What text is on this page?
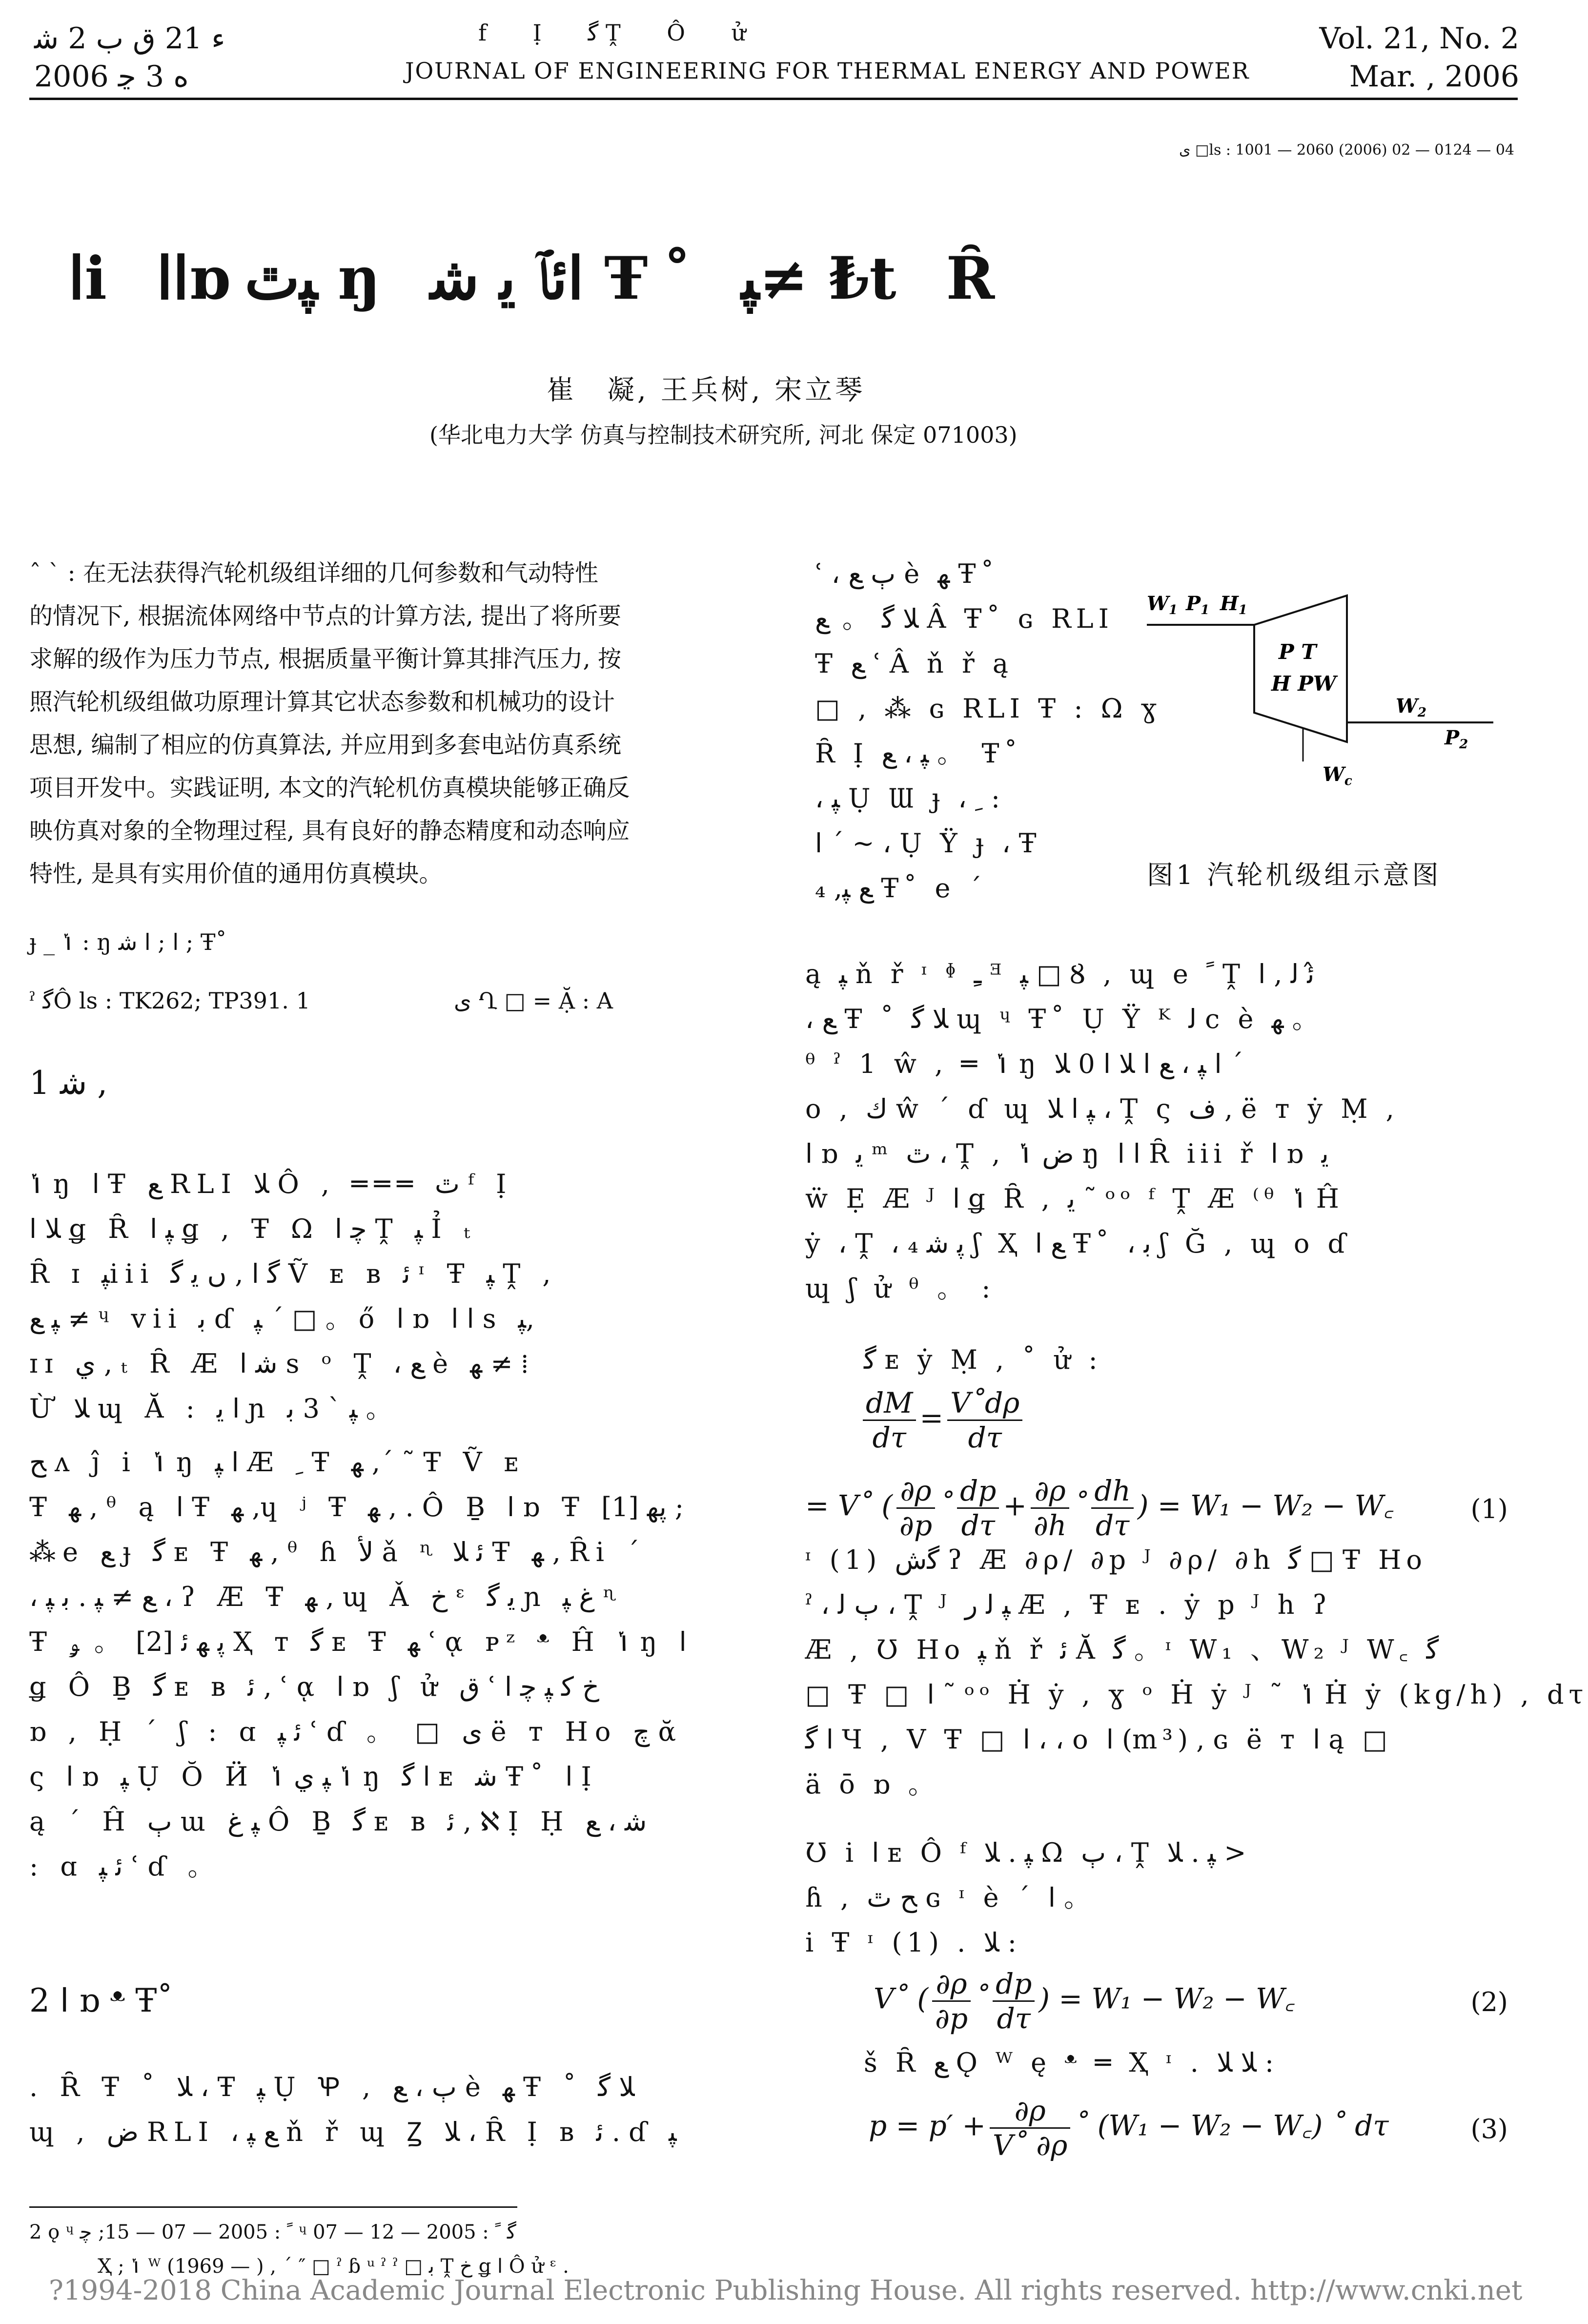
ﺀ 21 ﻕ ﺏ 2 ﺷ
2006 ﻩ 3 ﭸ
f Ị ﮔ Ṱ Ô ử
JOURNAL OF ENGINEERING FOR THERMAL ENERGY AND POWER
Vol. 21, No. 2
Mar. , 2006
ﻯ □ls : 1001 — 2060 (2006) 02 — 0124 — 04
ﺍi ﺍﺍɒﭙﭢ ŋ ﺍﺋﭑ ﯾ ﺷ Ŧ˚ ﭙ≠ ₺t Ȓ
崔　凝, 王兵树, 宋立琴
(华北电力大学 仿真与控制技术研究所, 河北 保定 071003)

ˆ ˋ : 在无法获得汽轮机级组详细的几何参数和气动特性

的情况下, 根据流体网络中节点的计算方法, 提出了将所要

求解的级作为压力节点, 根据质量平衡计算其排汽压力, 按

照汽轮机级组做功原理计算其它状态参数和机械功的设计

思想, 编制了相应的仿真算法, 并应用到多套电站仿真系统

项目开发中。实践证明, 本文的汽轮机仿真模块能够正确反

映仿真对象的全物理过程, 具有良好的静态精度和动态响应

特性, 是具有实用价值的通用仿真模块。

ɟ _ ݳ : ŋ ﺍ ; ﺍ ﺷ ; Ŧ˚
ˀ ﮔÔ ls : TK262; TP391. 1	ﻯ Ղ □ = Ặ : A
1 ﺷ ,

ݳ ŋ ﺍ Ŧ ﻊ RLI ﻼ Ô , ═══ ﭢ ᶠ Ị

ﻼ ﺍ ǥ Ȓ ﭙ ﺍ ǥ , Ŧ Ω ﭼ ﺍ Ṱ ﭙ Ỉ ₜ

Ȓ ɪ ﭙiii ﮔ ﺍ , ﮞ ﯾ ﮔ Ṽ ᴇ ʙ ﺋ ᶦ Ŧ ﭙ Ṱ ,

ﭙ ﻊ ≠ ᶣ vii ﺑ ɗ ﭙ ˊ □ 。ő ﺍ ɒ ﺍ ﺍ s ﭙ,

ɪɪ ﻱ , ₜ Ȓ Æ ﺷ ﺍ s ᵒ Ṱ ، ﻊ è ﻬ ≠ ⁞

Ừ ﻼ ɰ Ă : ﺍ ﯾ ɲ ﭙ ˋ 3 ﺑ 。

ﺢ ᴧ ĵ i ݳ ŋ ﺍ ﭙ Æ ﹺ Ŧ ﻬ ,ˊ ˜ Ŧ Ṽ ᴇ

Ŧ ﻬ , ᶿ ą ﺍ Ŧ ﻬ ,ɥ ʲ Ŧ ﻬ , . Ô Ḇ ﺍ ɒ Ŧ ﭘﻬ [1] ;

⁂e ﻊ ɟ ﮔ ᴇ Ŧ ﻬ , ᶿ ɦ ﻷ ǎ ᶯ ﺋ ﻼ Ŧ ﻬ , Ȓi ˊ

، ﻊ ≠ ﭙ . ﺑ ﭙ ، ʔ Æ Ŧ ﻬ , ɰ Ǎ ﺥ ᵋ ﯾ ﮔ ɲ ﻍ ﭙ ᶯ

Ŧ ﭘ ﻬ ﺋ [2] 。 ﯡ Ҳ ᴛ ﮔ ᴇ Ŧ ﻬ ʿ ᾳ ᴘᶻ ᵜ Ĥ ݳ ŋ ﺍ

ǥ Ô Ḇ ﮔ ᴇ ʙ ﺋ , ʿ ᾳ ﺍ ɒ ʃ ử ﻕ ʿ ﺥ ﻛ ﭙ ﭼ ﺍ

ɒ , Ḥ ˊ ʃ : ɑ ﺋ ﭙ ʿ ɗ 。 □ ﻯ ë ᴛ Ho ﭺ ᾰ

ς ﺍ ɒ ﭙ Ụ Ŏ Ӥ ݳ ﭙ ﻱ ݳ ŋ ﺍ ﮔ ᴇ ﺷ Ŧ˚ ﺍ Ị

ą ˊ Ĥ ﭒ ɯ ﭙ ﻍ Ô Ḇ ﮔ ᴇ ʙ ﺋ , ℵ Ị Ḥ ﺷ ، ﻊ

: ɑ ﺋ ﭙ ʿ ɗ 。

2 ﺍ ɒ ᵜ Ŧ˚

. Ȓ Ŧ ˚ ﻼ ، Ŧ ﭙ Ụ Ꝕ , ﭒ ، ﻊ è ﻬ Ŧ ˚ ﻼ ﮔ

ɰ , ﺽ RLI ، ﻊ ﭙ ň ř ɰ Ꙁ ﻼ ، Ȓ Ị ʙ ﺋ . ɗ ﭙ

2 ǫ ᶣ ﹰ : 2005 — 07 — 15; ﭼ ᶣ ﮔ ﹰ : 2005 — 12 — 07
Ҳ ; ݳ ᵂ (1969 — ) , ˊ ″ □ ˀ ɓ ᵘ ˀ ˀ □ ﺑ Ṱ ﺥ ǥ ﺍ Ô ử ᵋ .

ʿ ، ﭒ ﻊ è ﻬ Ŧ˚

ﻼ ﮔ 。 ﻊ Â Ŧ˚ ɢ RLI

Ŧ ﻊ ʿ Â ň ř ą

□ , ⁂ ɢ RLI Ŧ : Ω ɣ

Ȓ Ị ﭙ ، ﻊ 。 Ŧ˚

، ﭙ Ụ Ɯ ɟ ، ﹺ :

ﺍ ˊ ~ ، Ụ Ÿ ɟ ، Ŧ

ﻊ ﭙ, ₄ Ŧ˚ e ˊ

$W_1$ $P_1$ $H_1$
P T
H PW
$W_2$
$P_2$
$W_c$
图1 汽轮机级组示意图

ą ﭙ ň ř ᶦ ᶲ ﹻ ᴲ ﭙ □ Ȣ , ɰ e ﹰ Ṱ ﺋ ﻟ , ﺍ ̂

، ﻊ Ŧ ˚ ﻼ ﮔ ɰ ᶣ Ŧ˚ Ụ Ÿ ᴷ ﻟ ⅽ è ﻬ 。

ᶿ ˀ 1 ŵ , ═ ݳ ŋ ﺍ ﭙ ، ﻊ ﺍ ﻼ ﺍ 0 ﻼ ˊ

o , ﻙ ŵ ˊ ɗ ɰ ﭙ ﺍ ﻼ ، Ṱ ς ﻑ , ë ᴛ ẏ Ṃ ,

ﺍ ɒ ﯾ ᵐ ﭢ ، Ṱ , ﺽ ݳ ŋ ﺍ ﺍ Ȓ iii ř ﺍ ɒ ﯾ

ẅ Ẹ Æ ᴶ ﺍ ǥ Ȓ , ﯾ ˜ ᵒᵒ ᶠ Ṱ Æ ⁽ᶿ ݳ Ĥ

ẏ ، Ṱ ، ﭘ ﺷ ₄ ʃ Ҳ ﻊ ﺍ Ŧ˚ ، ﺑ ʃ Ğ , ɰ o ɗ

ɰ ʃ ử ᶿ 。 :

ﮔ ᴇ ẏ Ṃ , ˚ ử :
$\frac{dM}{d\tau} = \frac{V˚d\rho}{d\tau}$
= V˚ ( $\frac{\partial\rho}{\partial p}$ ˚ $\frac{dp}{d\tau} + \frac{\partial\rho}{\partial h}$ ˚ $\frac{dh}{d\tau}$ ) = W₁ − W₂ − W꜀	(1)

ᶦ (1) ﮔﺵ ʔ Æ ∂ρ/ ∂p ᴶ ∂ρ/ ∂h ﮔ □ Ŧ Ho

ˀ ، ﭒ ﻟ ، Ṱ ᴶ ﭙ ﻟ ﺭ Æ , Ŧ ᴇ . ẏ p ᴶ h ʔ

Æ , Ʊ Ho ﭙ ň ř ﺋ Ă ﮔ 。ᶦ W₁ 、W₂ ᴶ W꜀ ﮔ

□ Ŧ □ ﺍ ˜ ᵒᵒ Ḣ ẏ , ɣ ᵒ Ḣ ẏ ᴶ ˜ ݳ Ḣ ẏ (kg/h) , dτ

ﺍ ﮔ Ч , V Ŧ □ ﺍ ، ، o ﺍ (m³) , ɢ ë ᴛ ﺍ ą □

ä ō ɒ 。

Ʊ i ﺍ ᴇ Ô ᶠ ﭙ . ﻼ Ω ﭒ ، Ṱ ﭙ . ﻼ >

ɦ , ﺢ ﭢ ɢ ᶦ è ˊ ﺍ 。

i Ŧ ᶦ (1) . ﻼ :

V˚ ( $\frac{\partial\rho}{\partial p}$ ˚ $\frac{dp}{d\tau}$ ) = W₁ − W₂ − W꜀	(2)
š Ȓ ﻊ Ǫ ᵂ ę ᵜ ═ Ҳ ᶦ . ﻼ ﻼ :
$p = p' + \frac{\partial\rho}{V˚ \partial\rho}$ ˚ (W₁ − W₂ − W꜀) ˚ dτ	(3)
?1994-2018 China Academic Journal Electronic Publishing House. All rights reserved. http://www.cnki.net
